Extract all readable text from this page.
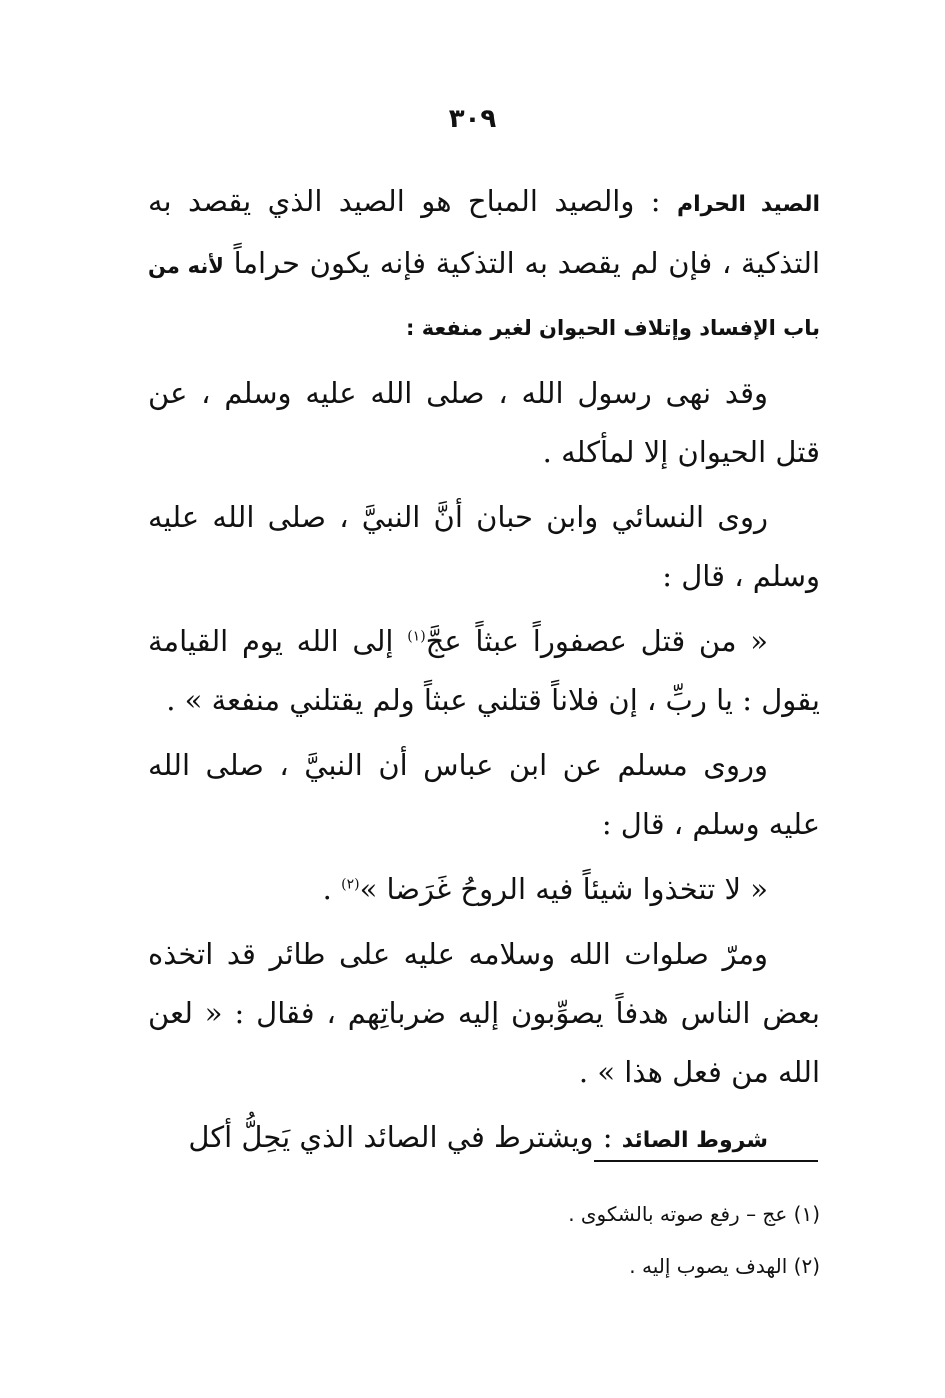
٣٠٩

الصيد الحرام : والصيد المباح هو الصيد الذي يقصد به التذكية ، فإن لم يقصد به التذكية فإنه يكون حراماً لأنه من باب الإفساد وإتلاف الحيوان لغير منفعة :

وقد نهى رسول الله ، صلى الله عليه وسلم ، عن قتل الحيوان إلا لمأكله .

روى النسائي وابن حبان أنَّ النبيَّ ، صلى الله عليه وسلم ، قال :

« من قتل عصفوراً عبثاً عجَّ$^{(١)}$ إلى الله يوم القيامة يقول : يا ربِّ ، إن فلاناً قتلني عبثاً ولم يقتلني منفعة » .

وروى مسلم عن ابن عباس أن النبيَّ ، صلى الله عليه وسلم ، قال :

« لا تتخذوا شيئاً فيه الروحُ غَرَضا »$^{(٢)}$ .

ومرّ صلوات الله وسلامه عليه على طائر قد اتخذه بعض الناس هدفاً يصوِّبون إليه ضرباتِهم ، فقال : « لعن الله من فعل هذا » .

شروط الصائد : ويشترط في الصائد الذي يَحِلُّ أكل

(١) عج – رفع صوته بالشكوى .

(٢) الهدف يصوب إليه .
